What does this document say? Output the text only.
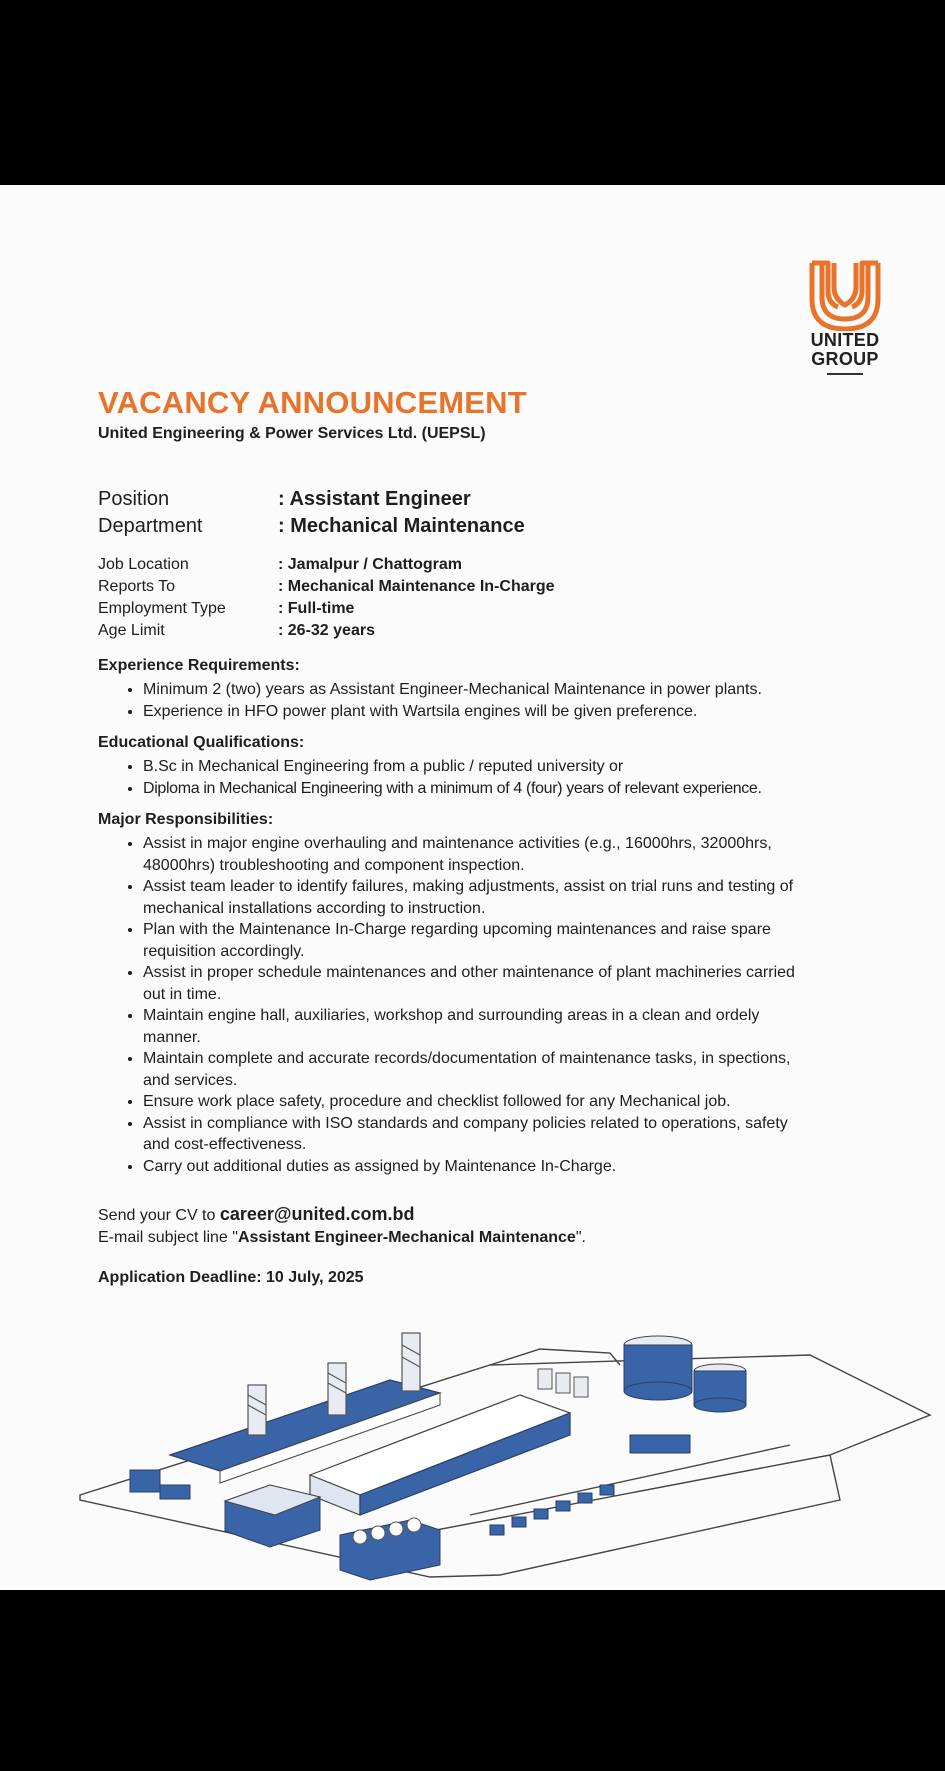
UNITED
GROUP
VACANCY ANNOUNCEMENT
United Engineering & Power Services Ltd. (UEPSL)
Position	: Assistant Engineer
Department	: Mechanical Maintenance
Job Location	: Jamalpur / Chattogram
Reports To	: Mechanical Maintenance In-Charge
Employment Type	: Full-time
Age Limit	: 26-32 years
Experience Requirements:
• Minimum 2 (two) years as Assistant Engineer-Mechanical Maintenance in power plants.
• Experience in HFO power plant with Wartsila engines will be given preference.
Educational Qualifications:
• B.Sc in Mechanical Engineering from a public / reputed university or
• Diploma in Mechanical Engineering with a minimum of 4 (four) years of relevant experience.
Major Responsibilities:
• Assist in major engine overhauling and maintenance activities (e.g., 16000hrs, 32000hrs, 48000hrs) troubleshooting and component inspection.
• Assist team leader to identify failures, making adjustments, assist on trial runs and testing of mechanical installations according to instruction.
• Plan with the Maintenance In-Charge regarding upcoming maintenances and raise spare requisition accordingly.
• Assist in proper schedule maintenances and other maintenance of plant machineries carried out in time.
• Maintain engine hall, auxiliaries, workshop and surrounding areas in a clean and ordely manner.
• Maintain complete and accurate records/documentation of maintenance tasks, in spections, and services.
• Ensure work place safety, procedure and checklist followed for any Mechanical job.
• Assist in compliance with ISO standards and company policies related to operations, safety and cost-effectiveness.
• Carry out additional duties as assigned by Maintenance In-Charge.
Send your CV to career@united.com.bd
E-mail subject line "Assistant Engineer-Mechanical Maintenance".
Application Deadline: 10 July, 2025
